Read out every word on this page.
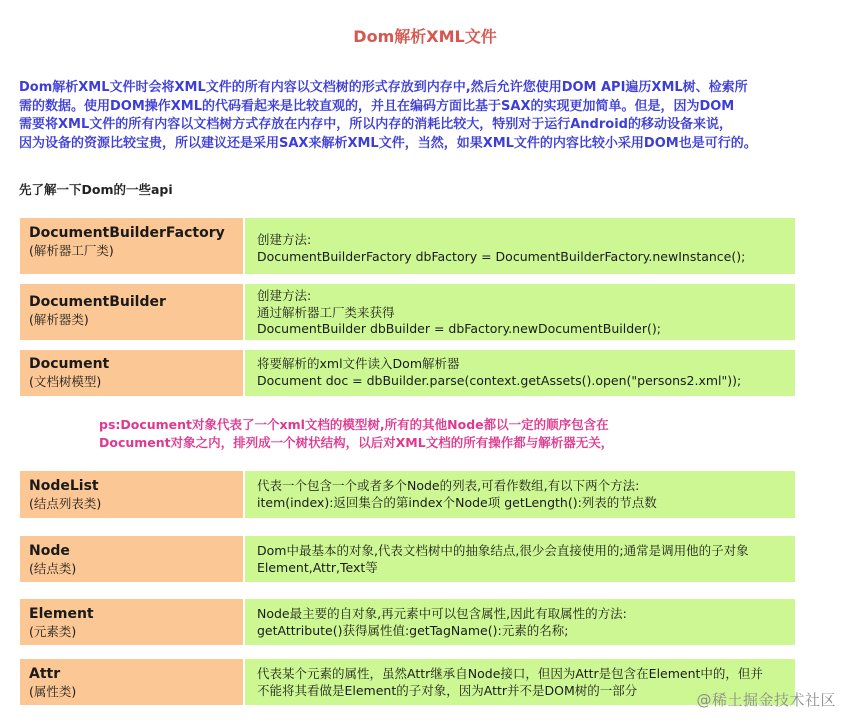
Dom解析XML文件

Dom解析XML文件时会将XML文件的所有内容以文档树的形式存放到内存中,然后允许您使用DOM API遍历XML树、检索所

需的数据。使用DOM操作XML的代码看起来是比较直观的，并且在编码方面比基于SAX的实现更加简单。但是，因为DOM

需要将XML文件的所有内容以文档树方式存放在内存中，所以内存的消耗比较大，特别对于运行Android的移动设备来说，

因为设备的资源比较宝贵，所以建议还是采用SAX来解析XML文件，当然，如果XML文件的内容比较小采用DOM也是可行的。

先了解一下Dom的一些api
DocumentBuilderFactory
(解析器工厂类)
创建方法:
DocumentBuilderFactory dbFactory = DocumentBuilderFactory.newInstance();
DocumentBuilder
(解析器类)
创建方法:
通过解析器工厂类来获得
DocumentBuilder dbBuilder = dbFactory.newDocumentBuilder();
Document
(文档树模型)
将要解析的xml文件读入Dom解析器
Document doc = dbBuilder.parse(context.getAssets().open("persons2.xml"));

ps:Document对象代表了一个xml文档的模型树,所有的其他Node都以一定的顺序包含在

Document对象之内，排列成一个树状结构，以后对XML文档的所有操作都与解析器无关，

NodeList
(结点列表类)
代表一个包含一个或者多个Node的列表,可看作数组,有以下两个方法:
item(index):返回集合的第index个Node项 getLength():列表的节点数
Node
(结点类)
Dom中最基本的对象,代表文档树中的抽象结点,很少会直接使用的;通常是调用他的子对象
Element,Attr,Text等
Element
(元素类)
Node最主要的自对象,再元素中可以包含属性,因此有取属性的方法:
getAttribute()获得属性值:getTagName():元素的名称;
Attr
(属性类)
代表某个元素的属性，虽然Attr继承自Node接口，但因为Attr是包含在Element中的，但并
不能将其看做是Element的子对象，因为Attr并不是DOM树的一部分
@稀土掘金技术社区
